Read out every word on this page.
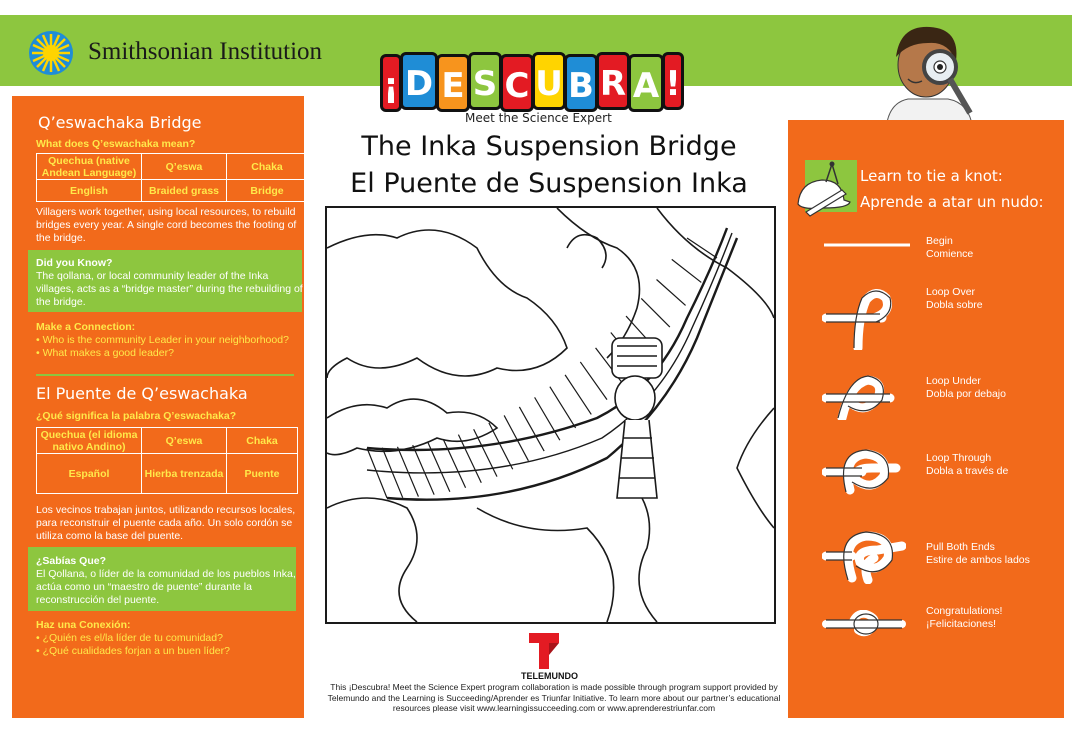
Smithsonian Institution
¡ D E S C U B R A !
Meet the Science Expert
The Inka Suspension Bridge
El Puente de Suspension Inka
Q’eswachaka Bridge
What does Q’eswachaka mean?
Quechua (native Andean Language)	Q’eswa	Chaka
English	Braided grass	Bridge
Villagers work together, using local resources, to rebuild bridges every year. A single cord becomes the footing of the bridge.
Did you Know?
The qollana, or local community leader of the Inka villages, acts as a “bridge master” during the rebuilding of the bridge.
Make a Connection:
• Who is the community Leader in your neighborhood?
• What makes a good leader?
El Puente de Q’eswachaka
¿Qué significa la palabra Q’eswachaka?
Quechua (el idioma nativo Andino)	Q’eswa	Chaka
Español	Hierba trenzada	Puente
Los vecinos trabajan juntos, utilizando recursos locales, para reconstruir el puente cada año. Un solo cordón se utiliza como la base del puente.
¿Sabías Que?
El Qollana, o líder de la comunidad de los pueblos Inka, actúa como un “maestro de puente” durante la reconstrucción del puente.
Haz una Conexión:
• ¿Quién es el/la líder de tu comunidad?
• ¿Qué cualidades forjan a un buen líder?
TELEMUNDO
This ¡Descubra! Meet the Science Expert program collaboration is made possible through program support provided by
Telemundo and the Learning is Succeeding/Aprender es Triunfar Initiative. To learn more about our partner’s educational
resources please visit www.learningissucceeding.com or www.aprenderestriunfar.com
Learn to tie a knot:
Aprende a atar un nudo:
Begin
Comience
Loop Over
Dobla sobre
Loop Under
Dobla por debajo
Loop Through
Dobla a través de
Pull Both Ends
Estire de ambos lados
Congratulations!
¡Felicitaciones!
